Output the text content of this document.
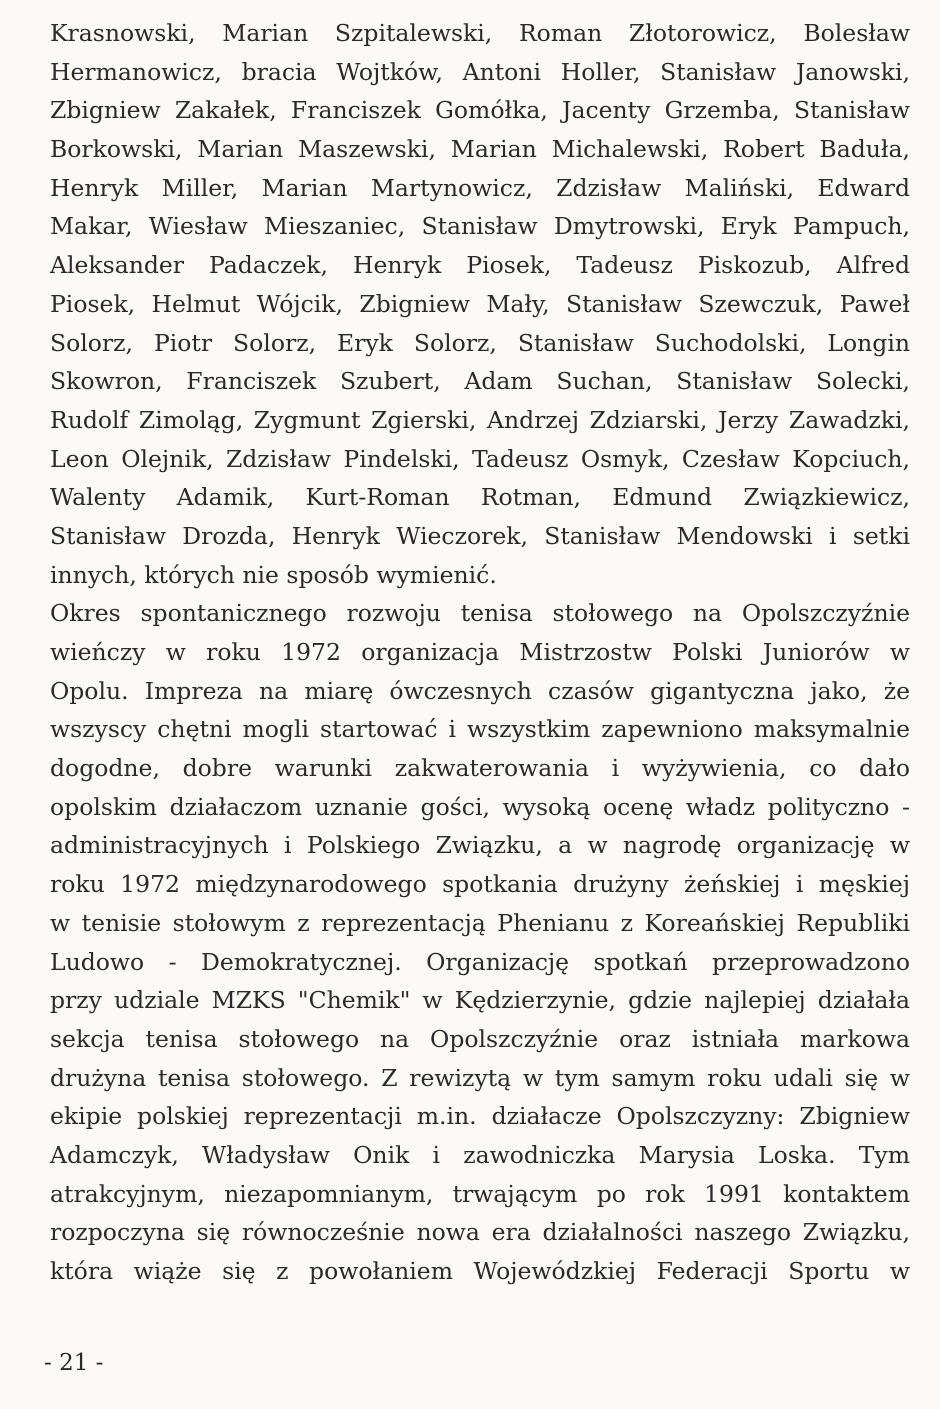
Krasnowski, Marian Szpitalewski, Roman Złotorowicz, Bolesław
Hermanowicz, bracia Wojtków, Antoni Holler, Stanisław Janowski,
Zbigniew Zakałek, Franciszek Gomółka, Jacenty Grzemba, Stanisław
Borkowski, Marian Maszewski, Marian Michalewski, Robert Baduła,
Henryk Miller, Marian Martynowicz, Zdzisław Maliński, Edward
Makar, Wiesław Mieszaniec, Stanisław Dmytrowski, Eryk Pampuch,
Aleksander Padaczek, Henryk Piosek, Tadeusz Piskozub, Alfred
Piosek, Helmut Wójcik, Zbigniew Mały, Stanisław Szewczuk, Paweł
Solorz, Piotr Solorz, Eryk Solorz, Stanisław Suchodolski, Longin
Skowron, Franciszek Szubert, Adam Suchan, Stanisław Solecki,
Rudolf Zimoląg, Zygmunt Zgierski, Andrzej Zdziarski, Jerzy Zawadzki,
Leon Olejnik, Zdzisław Pindelski, Tadeusz Osmyk, Czesław Kopciuch,
Walenty Adamik, Kurt-Roman Rotman, Edmund Związkiewicz,
Stanisław Drozda, Henryk Wieczorek, Stanisław Mendowski i setki
innych, których nie sposób wymienić.
Okres spontanicznego rozwoju tenisa stołowego na Opolszczyźnie
wieńczy w roku 1972 organizacja Mistrzostw Polski Juniorów w
Opolu. Impreza na miarę ówczesnych czasów gigantyczna jako, że
wszyscy chętni mogli startować i wszystkim zapewniono maksymalnie
dogodne, dobre warunki zakwaterowania i wyżywienia, co dało
opolskim działaczom uznanie gości, wysoką ocenę władz polityczno -
administracyjnych i Polskiego Związku, a w nagrodę organizację w
roku 1972 międzynarodowego spotkania drużyny żeńskiej i męskiej
w tenisie stołowym z reprezentacją Phenianu z Koreańskiej Republiki
Ludowo - Demokratycznej. Organizację spotkań przeprowadzono
przy udziale MZKS "Chemik" w Kędzierzynie, gdzie najlepiej działała
sekcja tenisa stołowego na Opolszczyźnie oraz istniała markowa
drużyna tenisa stołowego. Z rewizytą w tym samym roku udali się w
ekipie polskiej reprezentacji m.in. działacze Opolszczyzny: Zbigniew
Adamczyk, Władysław Onik i zawodniczka Marysia Loska. Tym
atrakcyjnym, niezapomnianym, trwającym po rok 1991 kontaktem
rozpoczyna się równocześnie nowa era działalności naszego Związku,
która wiąże się z powołaniem Wojewódzkiej Federacji Sportu w
- 21 -
